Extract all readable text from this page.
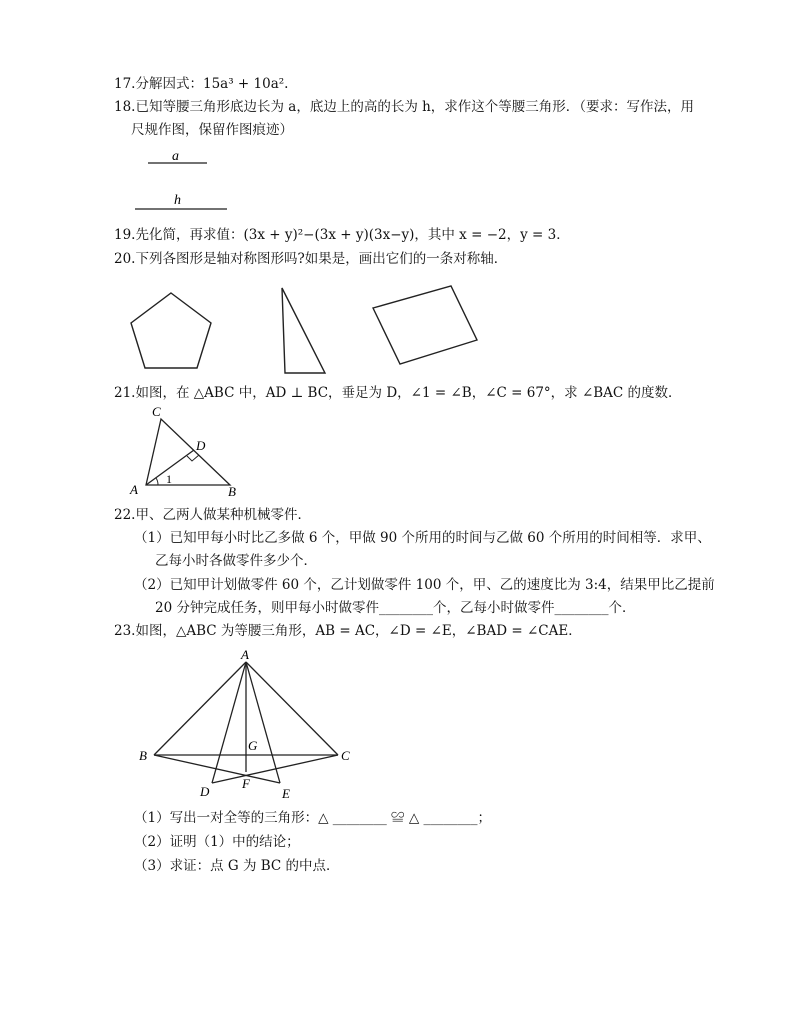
17.分解因式：15a³ + 10a².
18.已知等腰三角形底边长为 a，底边上的高的长为 h，求作这个等腰三角形．（要求：写作法，用
尺规作图，保留作图痕迹）
a
h
19.先化简，再求值：(3x + y)²−(3x + y)(3x−y)，其中 x = −2，y = 3．
20.下列各图形是轴对称图形吗?如果是，画出它们的一条对称轴．
21.如图，在 △ABC 中，AD ⊥ BC，垂足为 D，∠1 = ∠B，∠C = 67°，求 ∠BAC 的度数．
C
D
A	B
1
22.甲、乙两人做某种机械零件．
（1）已知甲每小时比乙多做 6 个，甲做 90 个所用的时间与乙做 60 个所用的时间相等．求甲、
乙每小时各做零件多少个．
（2）已知甲计划做零件 60 个，乙计划做零件 100 个，甲、乙的速度比为 3:4，结果甲比乙提前
20 分钟完成任务，则甲每小时做零件________个，乙每小时做零件________个．
23.如图，△ABC 为等腰三角形，AB = AC，∠D = ∠E，∠BAD = ∠CAE．
A
B	C
D	E
F
G
（1）写出一对全等的三角形：△ ________ ≌ △ ________；
（2）证明（1）中的结论；
（3）求证：点 G 为 BC 的中点．
